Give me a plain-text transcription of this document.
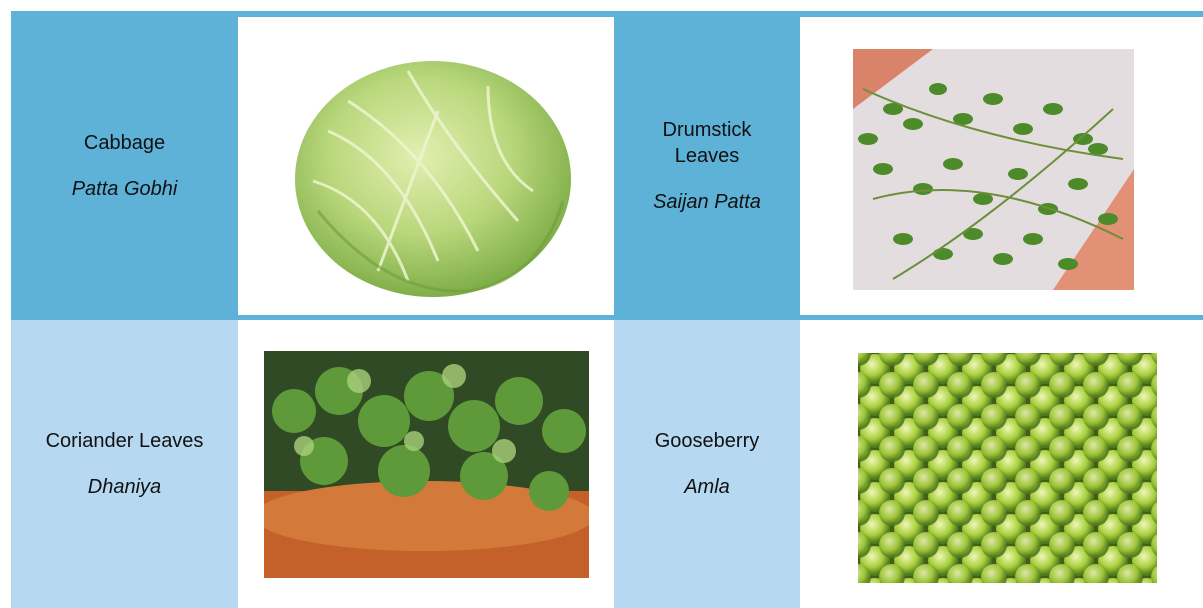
Cabbage
Patta Gobhi
Drumstick Leaves
Saijan Patta
Coriander Leaves
Dhaniya
Gooseberry
Amla
